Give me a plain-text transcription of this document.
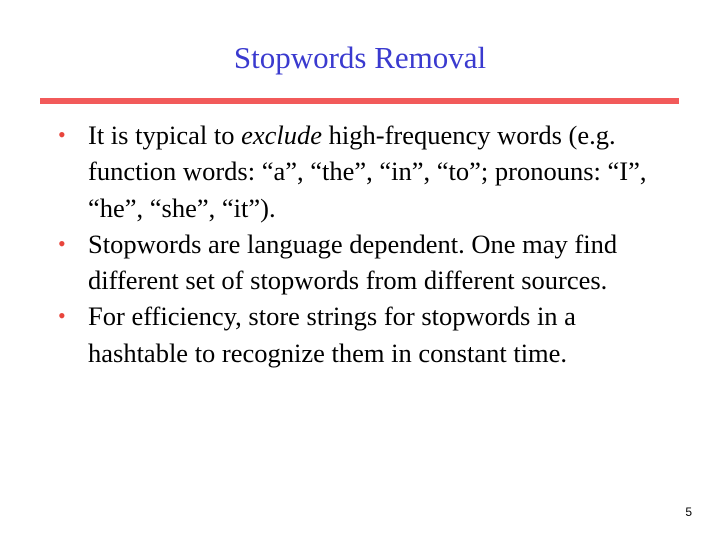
Stopwords Removal
• It is typical to exclude high-frequency words (e.g. function words: “a”, “the”, “in”, “to”; pronouns: “I”, “he”, “she”, “it”).
• Stopwords are language dependent. One may find different set of stopwords from different sources.
• For efficiency, store strings for stopwords in a hashtable to recognize them in constant time.
5
